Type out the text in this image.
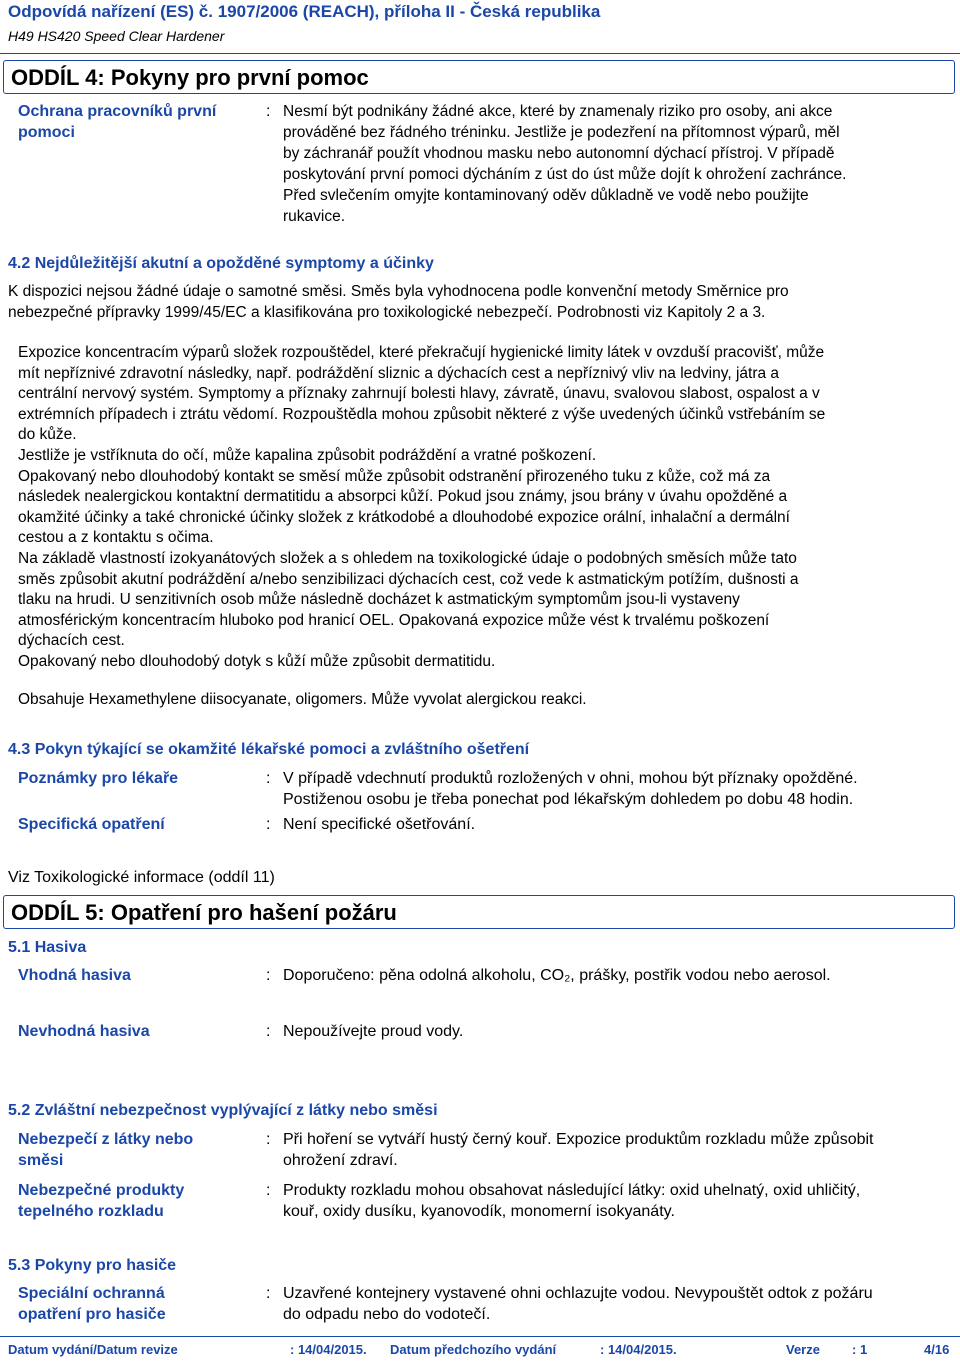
Odpovídá nařízení (ES) č. 1907/2006 (REACH), příloha II - Česká republika
H49 HS420 Speed Clear Hardener
ODDÍL 4: Pokyny pro první pomoc
Ochrana pracovníků první
pomoci
: Nesmí být podnikány žádné akce, které by znamenaly riziko pro osoby, ani akce
prováděné bez řádného tréninku. Jestliže je podezření na přítomnost výparů, měl
by záchranář použít vhodnou masku nebo autonomní dýchací přístroj. V případě
poskytování první pomoci dýcháním z úst do úst může dojít k ohrožení zachránce.
Před svlečením omyjte kontaminovaný oděv důkladně ve vodě nebo použijte
rukavice.
4.2 Nejdůležitější akutní a opožděné symptomy a účinky
K dispozici nejsou žádné údaje o samotné směsi. Směs byla vyhodnocena podle konvenční metody Směrnice pro
nebezpečné přípravky 1999/45/EC a klasifikována pro toxikologické nebezpečí. Podrobnosti viz Kapitoly 2 a 3.
Expozice koncentracím výparů složek rozpouštědel, které překračují hygienické limity látek v ovzduší pracovišť, může
mít nepříznivé zdravotní následky, např. podráždění sliznic a dýchacích cest a nepříznivý vliv na ledviny, játra a
centrální nervový systém. Symptomy a příznaky zahrnují bolesti hlavy, závratě, únavu, svalovou slabost, ospalost a v
extrémních případech i ztrátu vědomí. Rozpouštědla mohou způsobit některé z výše uvedených účinků vstřebáním se
do kůže.
Jestliže je vstříknuta do očí, může kapalina způsobit podráždění a vratné poškození.
Opakovaný nebo dlouhodobý kontakt se směsí může způsobit odstranění přirozeného tuku z kůže, což má za
následek nealergickou kontaktní dermatitidu a absorpci kůží. Pokud jsou známy, jsou brány v úvahu opožděné a
okamžité účinky a také chronické účinky složek z krátkodobé a dlouhodobé expozice orální, inhalační a dermální
cestou a z kontaktu s očima.
Na základě vlastností izokyanátových složek a s ohledem na toxikologické údaje o podobných směsích může tato
směs způsobit akutní podráždění a/nebo senzibilizaci dýchacích cest, což vede k astmatickým potížím, dušnosti a
tlaku na hrudi. U senzitivních osob může následně docházet k astmatickým symptomům jsou-li vystaveny
atmosférickým koncentracím hluboko pod hranicí OEL. Opakovaná expozice může vést k trvalému poškození
dýchacích cest.
Opakovaný nebo dlouhodobý dotyk s kůží může způsobit dermatitidu.
Obsahuje Hexamethylene diisocyanate, oligomers. Může vyvolat alergickou reakci.
4.3 Pokyn týkající se okamžité lékařské pomoci a zvláštního ošetření
Poznámky pro lékaře	: V případě vdechnutí produktů rozložených v ohni, mohou být příznaky opožděné.
Postiženou osobu je třeba ponechat pod lékařským dohledem po dobu 48 hodin.
Specifická opatření	: Není specifické ošetřování.
Viz Toxikologické informace (oddíl 11)
ODDÍL 5: Opatření pro hašení požáru
5.1 Hasiva
Vhodná hasiva	: Doporučeno: pěna odolná alkoholu, CO₂, prášky, postřik vodou nebo aerosol.
Nevhodná hasiva	: Nepoužívejte proud vody.
5.2 Zvláštní nebezpečnost vyplývající z látky nebo směsi
Nebezpečí z látky nebo
směsi
: Při hoření se vytváří hustý černý kouř. Expozice produktům rozkladu může způsobit
ohrožení zdraví.
Nebezpečné produkty
tepelného rozkladu
: Produkty rozkladu mohou obsahovat následující látky: oxid uhelnatý, oxid uhličitý,
kouř, oxidy dusíku, kyanovodík, monomerní isokyanáty.
5.3 Pokyny pro hasiče
Speciální ochranná
opatření pro hasiče
: Uzavřené kontejnery vystavené ohni ochlazujte vodou. Nevypouštět odtok z požáru
do odpadu nebo do vodotečí.
Datum vydání/Datum revize	: 14/04/2015. Datum předchozího vydání	: 14/04/2015.	Verze : 1	4/16
